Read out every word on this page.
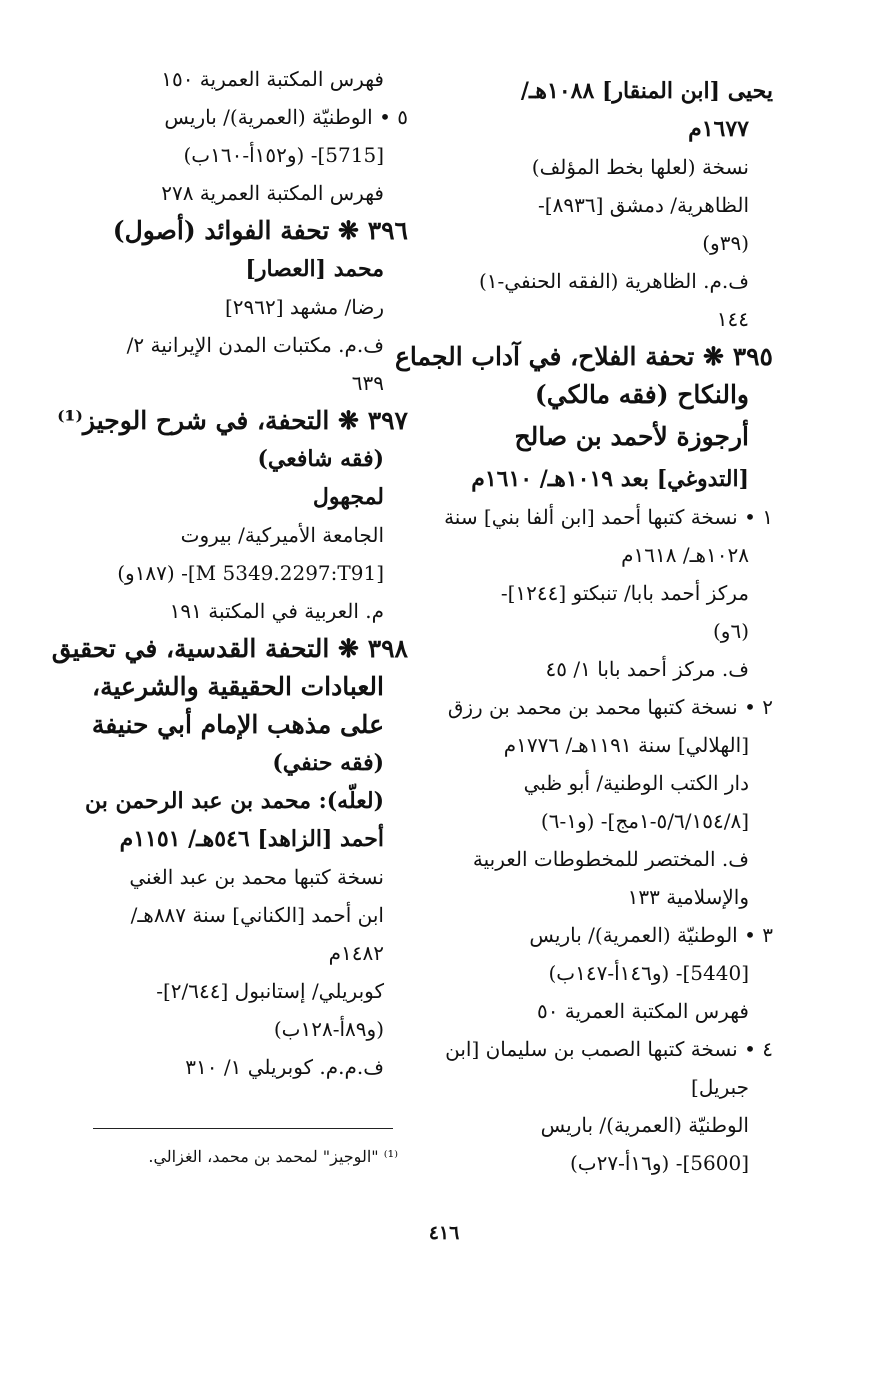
يحيى [ابن المنقار] ١٠٨٨هـ/
١٦٧٧م
نسخة (لعلها بخط المؤلف)
الظاهرية/ دمشق [٨٩٣٦]-
(٣٩و)
ف.م. الظاهرية (الفقه الحنفي-١)
١٤٤
٣٩٥ ❋ تحفة الفلاح، في آداب الجماع
والنكاح (فقه مالكي)
أرجوزة لأحمد بن صالح
[التدوغي] بعد ١٠١٩هـ/ ١٦١٠م
١ • نسخة كتبها أحمد [ابن ألفا بني] سنة
١٠٢٨هـ/ ١٦١٨م
مركز أحمد بابا/ تنبكتو [١٢٤٤]-
(٦و)
ف. مركز أحمد بابا ١/ ٤٥
٢ • نسخة كتبها محمد بن محمد بن رزق
[الهلالي] سنة ١١٩١هـ/ ١٧٧٦م
دار الكتب الوطنية/ أبو ظبي
[٥/٦/١٥٤/٨-١مج]- (و١-٦)
ف. المختصر للمخطوطات العربية
والإسلامية ١٣٣
٣ • الوطنيّة (العمرية)/ باريس
[5440]- (و١٤٦أ-١٤٧ب)
فهرس المكتبة العمرية ٥٠
٤ • نسخة كتبها الصمب بن سليمان [ابن
جبريل]
الوطنيّة (العمرية)/ باريس
[5600]- (و١٦أ-٢٧ب)
فهرس المكتبة العمرية ١٥٠
٥ • الوطنيّة (العمرية)/ باريس
[5715]- (و١٥٢أ-١٦٠ب)
فهرس المكتبة العمرية ٢٧٨
٣٩٦ ❋ تحفة الفوائد (أصول)
محمد [العصار]
رضا/ مشهد [٢٩٦٢]
ف.م. مكتبات المدن الإيرانية ٢/
٦٣٩
٣٩٧ ❋ التحفة، في شرح الوجيز⁽¹⁾
(فقه شافعي)
لمجهول
الجامعة الأميركية/ بيروت
[M 5349.2297:T91]- (١٨٧و)
م. العربية في المكتبة ١٩١
٣٩٨ ❋ التحفة القدسية، في تحقيق
العبادات الحقيقية والشرعية،
على مذهب الإمام أبي حنيفة
(فقه حنفي)
(لعلّه): محمد بن عبد الرحمن بن
أحمد [الزاهد] ٥٤٦هـ/ ١١٥١م
نسخة كتبها محمد بن عبد الغني
ابن أحمد [الكناني] سنة ٨٨٧هـ/
١٤٨٢م
كوبريلي/ إستانبول [٢/٦٤٤]-
(و٨٩أ-١٢٨ب)
ف.م.م. كوبريلي ١/ ٣١٠
⁽¹⁾ "الوجيز" لمحمد بن محمد، الغزالي.
٤١٦
